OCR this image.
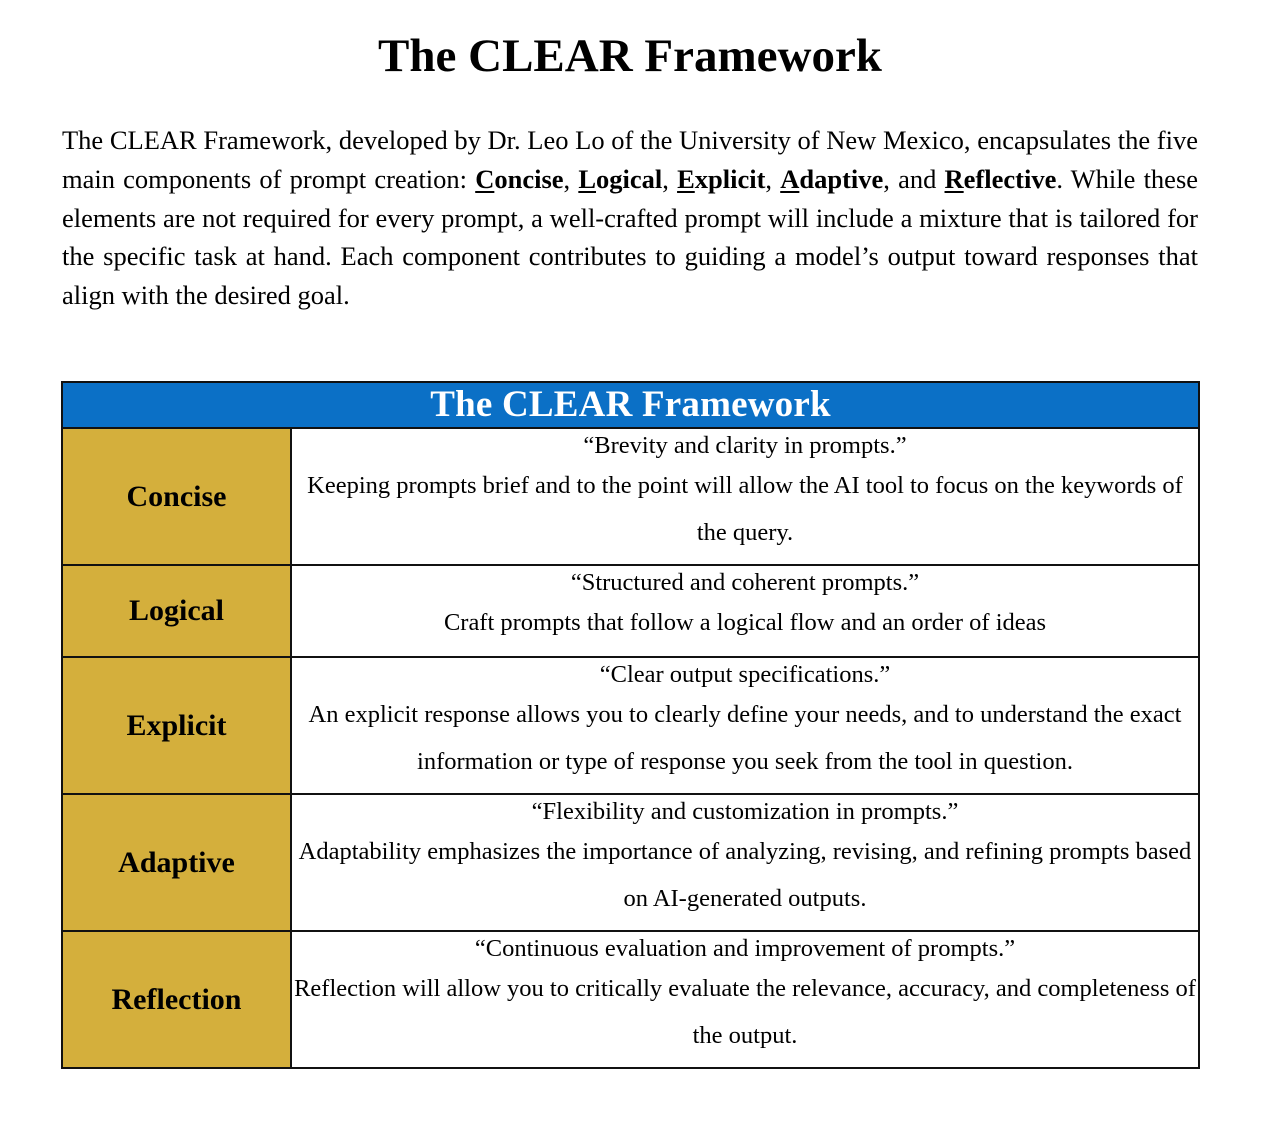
The CLEAR Framework

The CLEAR Framework, developed by Dr. Leo Lo of the University of New Mexico, encapsulates the five main components of prompt creation: Concise, Logical, Explicit, Adaptive, and Reflective. While these elements are not required for every prompt, a well-crafted prompt will include a mixture that is tailored for the specific task at hand. Each component contributes to guiding a model’s output toward responses that align with the desired goal.

The CLEAR Framework	
Concise	“Brevity and clarity in prompts.”
Keeping prompts brief and to the point will allow the AI tool to focus on the keywords of the query.

Logical	“Structured and coherent prompts.”
Craft prompts that follow a logical flow and an order of ideas

Explicit	“Clear output specifications.”
An explicit response allows you to clearly define your needs, and to understand the exact information or type of response you seek from the tool in question.

Adaptive	“Flexibility and customization in prompts.”
Adaptability emphasizes the importance of analyzing, revising, and refining prompts based on AI-generated outputs.

Reflection	“Continuous evaluation and improvement of prompts.”
Reflection will allow you to critically evaluate the relevance, accuracy, and completeness of the output.
